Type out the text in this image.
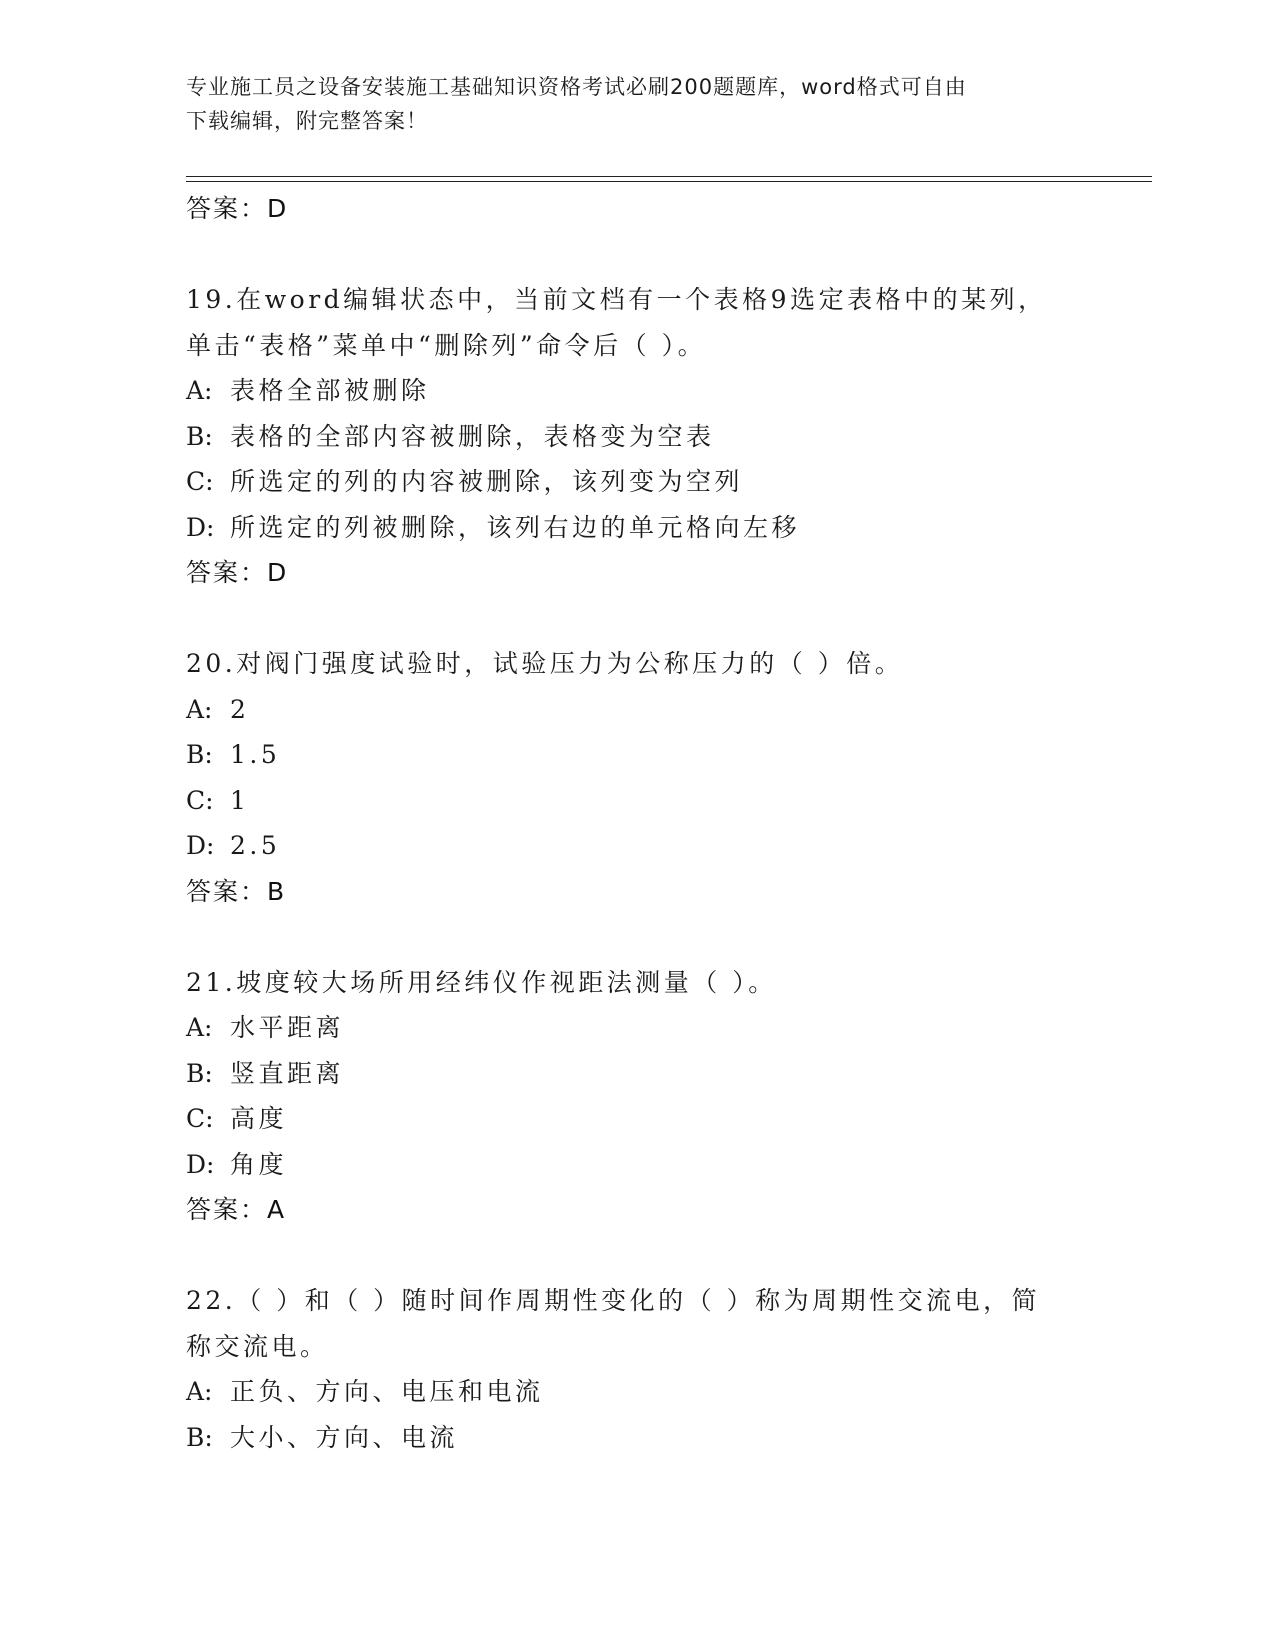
专业施工员之设备安装施工基础知识资格考试必刷200题题库，word格式可自由
下载编辑，附完整答案！
答案：D
19.在word编辑状态中，当前文档有一个表格9选定表格中的某列，
单击“表格”菜单中“删除列”命令后（ ）。
A: 表格全部被删除
B: 表格的全部内容被删除，表格变为空表
C: 所选定的列的内容被删除，该列变为空列
D: 所选定的列被删除，该列右边的单元格向左移
答案：D
20.对阀门强度试验时，试验压力为公称压力的（ ）倍。
A: 2
B: 1.5
C: 1
D: 2.5
答案：B
21.坡度较大场所用经纬仪作视距法测量（ ）。
A: 水平距离
B: 竖直距离
C: 高度
D: 角度
答案：A
22.（ ）和（ ）随时间作周期性变化的（ ）称为周期性交流电，简
称交流电。
A: 正负、方向、电压和电流
B: 大小、方向、电流
